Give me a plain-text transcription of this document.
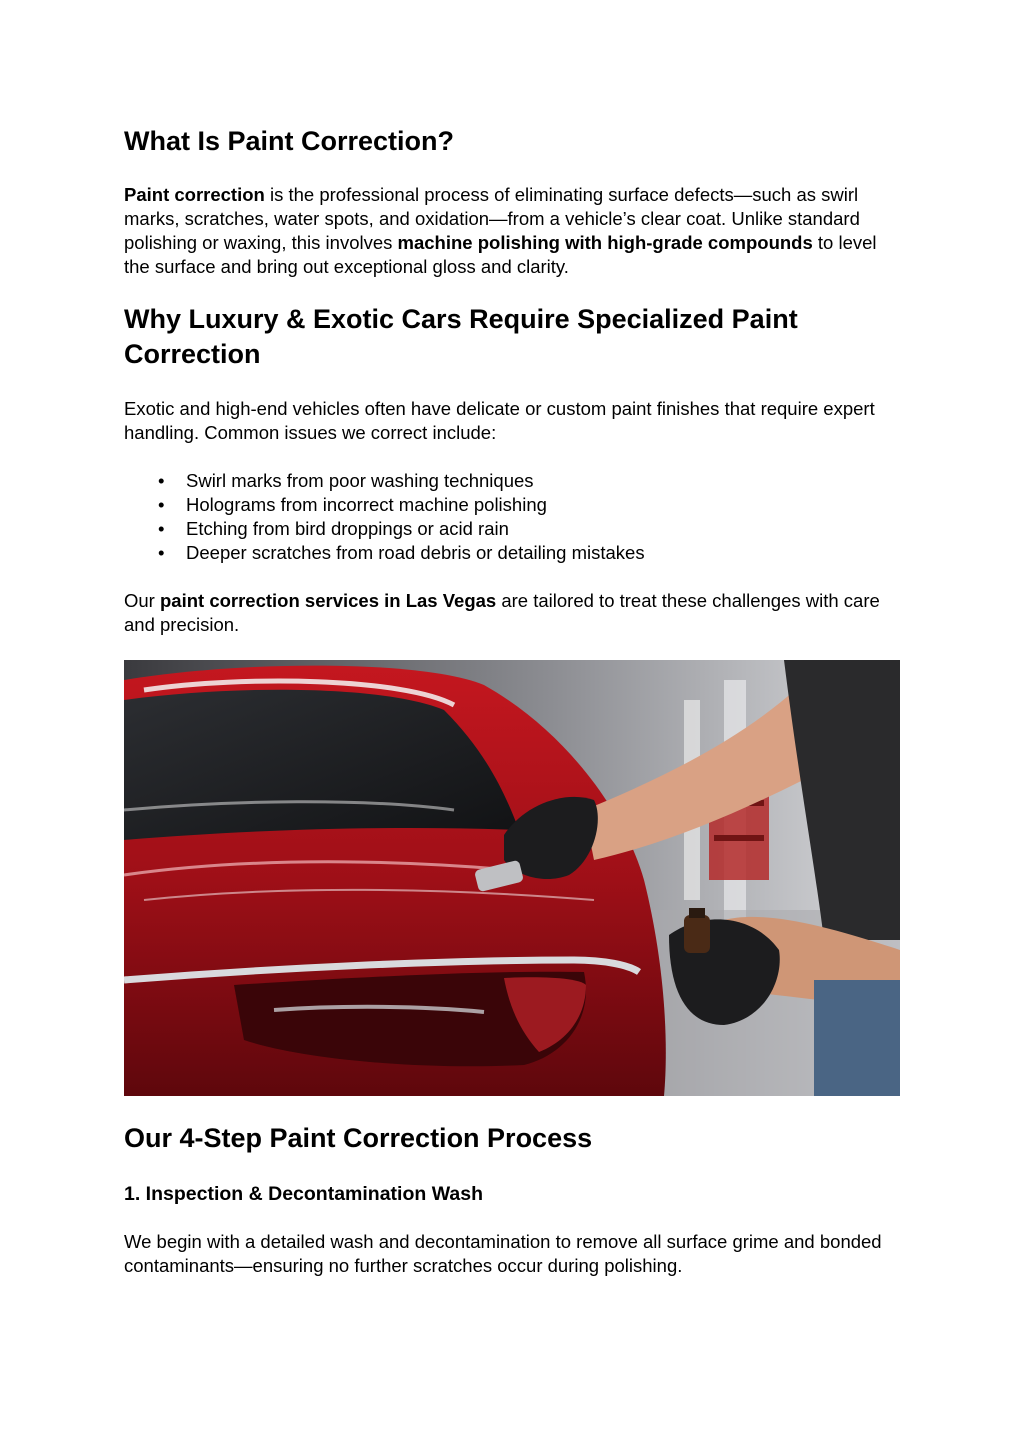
What Is Paint Correction?

Paint correction is the professional process of eliminating surface defects—such as swirl marks, scratches, water spots, and oxidation—from a vehicle’s clear coat. Unlike standard polishing or waxing, this involves machine polishing with high-grade compounds to level the surface and bring out exceptional gloss and clarity.

Why Luxury & Exotic Cars Require Specialized Paint Correction

Exotic and high-end vehicles often have delicate or custom paint finishes that require expert handling. Common issues we correct include:

• Swirl marks from poor washing techniques
• Holograms from incorrect machine polishing
• Etching from bird droppings or acid rain
• Deeper scratches from road debris or detailing mistakes

Our paint correction services in Las Vegas are tailored to treat these challenges with care and precision.

Our 4-Step Paint Correction Process
1. Inspection & Decontamination Wash

We begin with a detailed wash and decontamination to remove all surface grime and bonded contaminants—ensuring no further scratches occur during polishing.
